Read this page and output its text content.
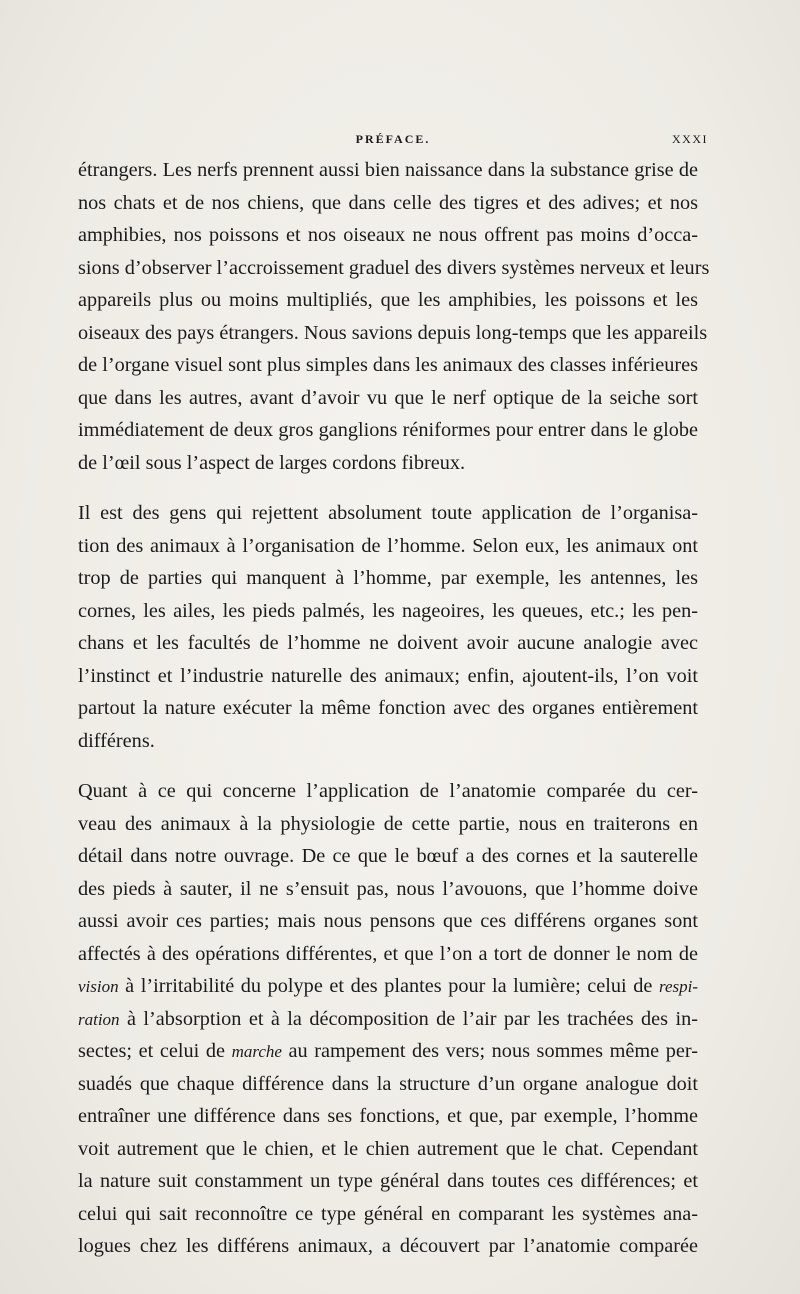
PRÉFACE.	XXXI
étrangers. Les nerfs prennent aussi bien naissance dans la substance grise de
nos chats et de nos chiens, que dans celle des tigres et des adives; et nos
amphibies, nos poissons et nos oiseaux ne nous offrent pas moins d’occa-
sions d’observer l’accroissement graduel des divers systèmes nerveux et leurs
appareils plus ou moins multipliés, que les amphibies, les poissons et les
oiseaux des pays étrangers. Nous savions depuis long-temps que les appareils
de l’organe visuel sont plus simples dans les animaux des classes inférieures
que dans les autres, avant d’avoir vu que le nerf optique de la seiche sort
immédiatement de deux gros ganglions réniformes pour entrer dans le globe
de l’œil sous l’aspect de larges cordons fibreux.
Il est des gens qui rejettent absolument toute application de l’organisa-
tion des animaux à l’organisation de l’homme. Selon eux, les animaux ont
trop de parties qui manquent à l’homme, par exemple, les antennes, les
cornes, les ailes, les pieds palmés, les nageoires, les queues, etc.; les pen-
chans et les facultés de l’homme ne doivent avoir aucune analogie avec
l’instinct et l’industrie naturelle des animaux; enfin, ajoutent-ils, l’on voit
partout la nature exécuter la même fonction avec des organes entièrement
différens.
Quant à ce qui concerne l’application de l’anatomie comparée du cer-
veau des animaux à la physiologie de cette partie, nous en traiterons en
détail dans notre ouvrage. De ce que le bœuf a des cornes et la sauterelle
des pieds à sauter, il ne s’ensuit pas, nous l’avouons, que l’homme doive
aussi avoir ces parties; mais nous pensons que ces différens organes sont
affectés à des opérations différentes, et que l’on a tort de donner le nom de
vision à l’irritabilité du polype et des plantes pour la lumière; celui de respi-
ration à l’absorption et à la décomposition de l’air par les trachées des in-
sectes; et celui de marche au rampement des vers; nous sommes même per-
suadés que chaque différence dans la structure d’un organe analogue doit
entraîner une différence dans ses fonctions, et que, par exemple, l’homme
voit autrement que le chien, et le chien autrement que le chat. Cependant
la nature suit constamment un type général dans toutes ces différences; et
celui qui sait reconnoître ce type général en comparant les systèmes ana-
logues chez les différens animaux, a découvert par l’anatomie comparée
